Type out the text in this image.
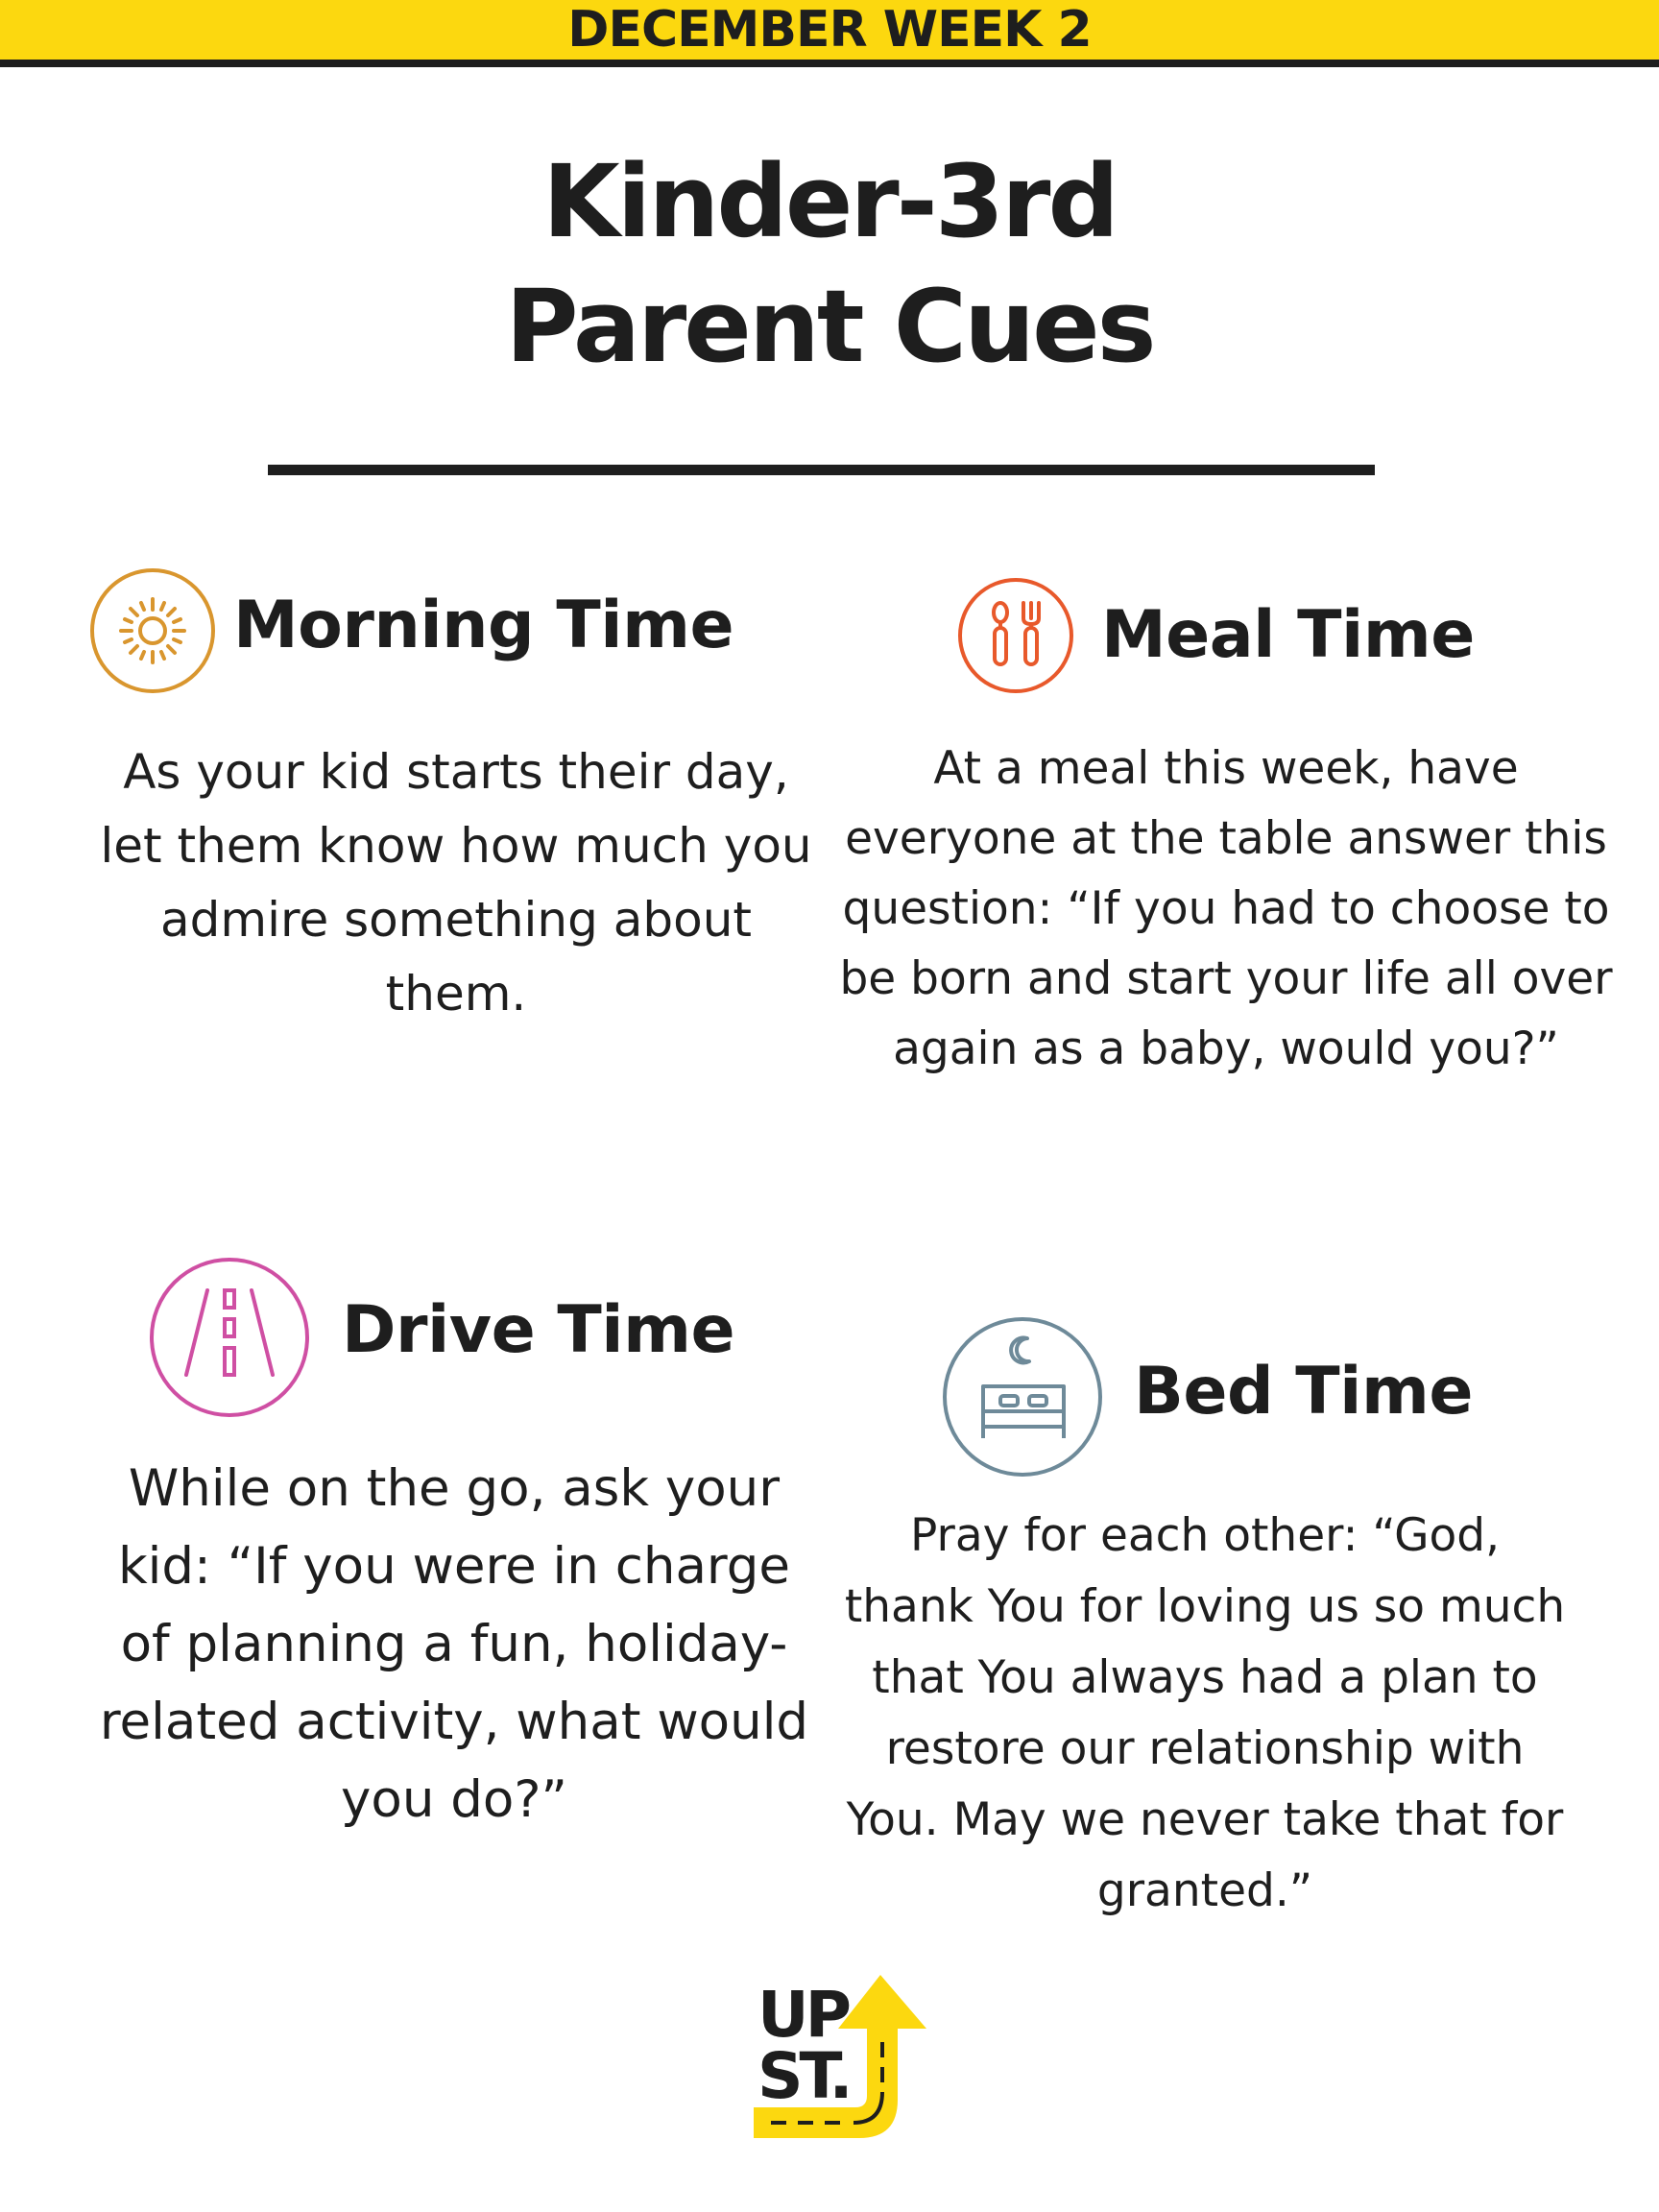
DECEMBER WEEK 2
Kinder-3rd
Parent Cues
Morning Time
As your kid starts their day,
let them know how much you
admire something about
them.
Meal Time
At a meal this week, have
everyone at the table answer this
question: “If you had to choose to
be born and start your life all over
again as a baby, would you?”
Drive Time
While on the go, ask your
kid: “If you were in charge
of planning a fun, holiday-
related activity, what would
you do?”
Bed Time
Pray for each other: “God,
thank You for loving us so much
that You always had a plan to
restore our relationship with
You. May we never take that for
granted.”
UP
ST.
